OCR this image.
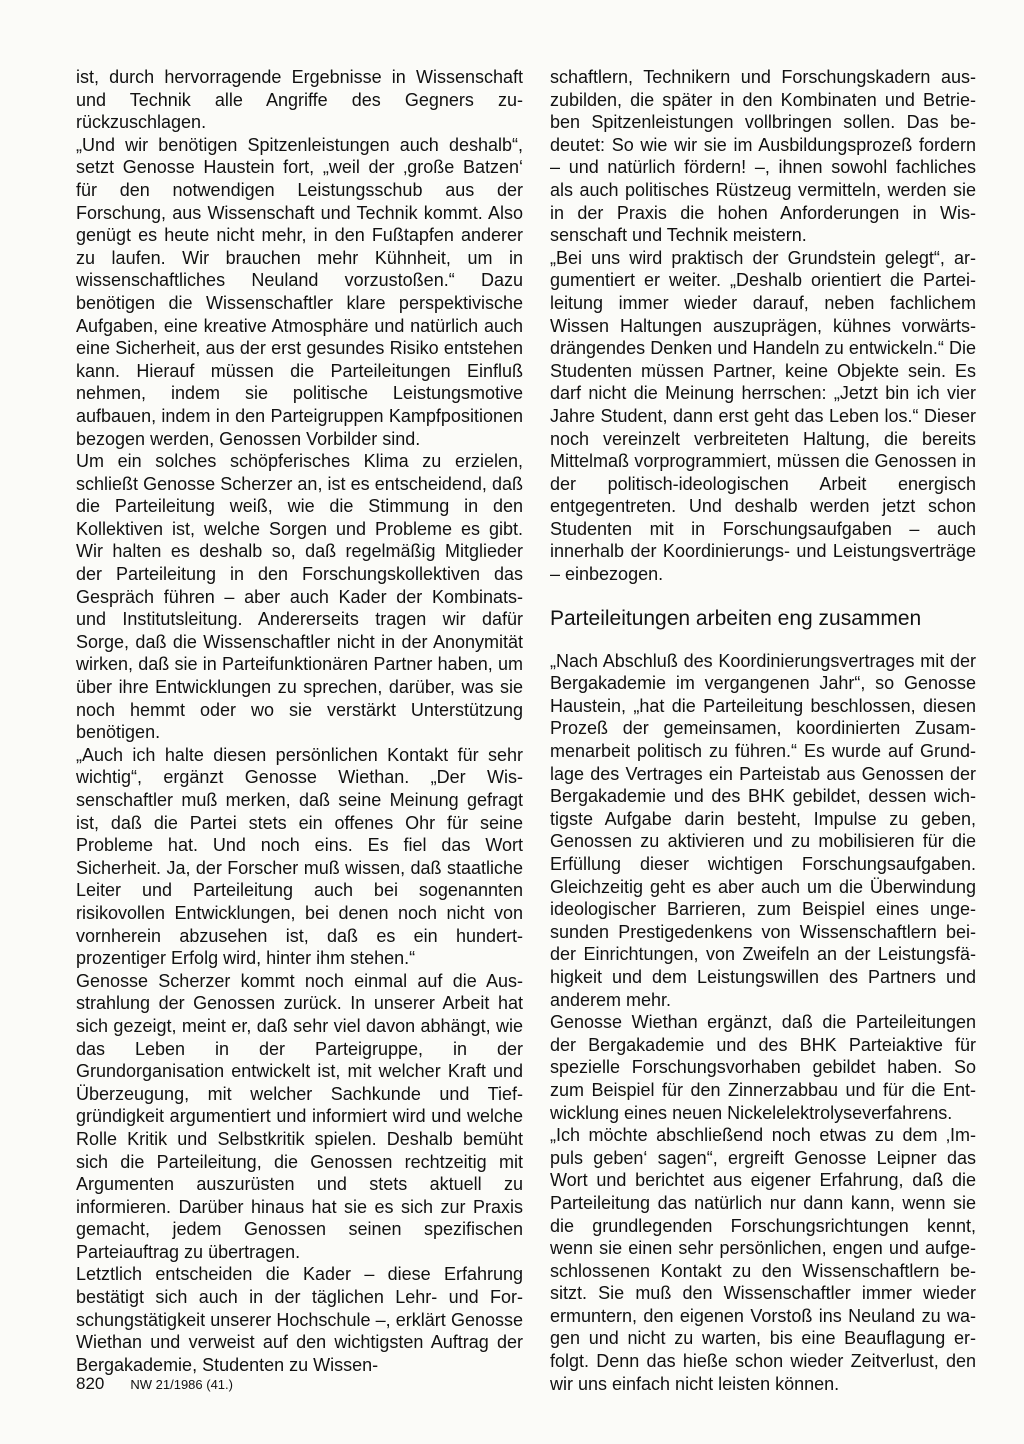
ist, durch hervorragende Ergebnisse in Wissenschaft und Technik alle Angriffe des Gegners zurückzuschlagen.

„Und wir benötigen Spitzenleistungen auch deshalb“, setzt Genosse Haustein fort, „weil der ‚große Batzen‘ für den notwendigen Leistungsschub aus der Forschung, aus Wissenschaft und Technik kommt. Also genügt es heute nicht mehr, in den Fußtapfen anderer zu laufen. Wir brauchen mehr Kühnheit, um in wissenschaftliches Neuland vorzustoßen.“ Dazu benötigen die Wissenschaftler klare perspektivische Aufgaben, eine kreative Atmosphäre und natürlich auch eine Sicherheit, aus der erst gesundes Risiko entstehen kann. Hierauf müssen die Parteileitungen Einfluß nehmen, indem sie politische Leistungsmotive aufbauen, indem in den Parteigruppen Kampfpositionen bezogen werden, Genossen Vorbilder sind.

Um ein solches schöpferisches Klima zu erzielen, schließt Genosse Scherzer an, ist es entscheidend, daß die Parteileitung weiß, wie die Stimmung in den Kollektiven ist, welche Sorgen und Probleme es gibt. Wir halten es deshalb so, daß regelmäßig Mitglieder der Parteileitung in den Forschungskollektiven das Gespräch führen – aber auch Kader der Kombinats- und Institutsleitung. Andererseits tragen wir dafür Sorge, daß die Wissenschaftler nicht in der Anonymität wirken, daß sie in Parteifunktionären Partner haben, um über ihre Entwicklungen zu sprechen, darüber, was sie noch hemmt oder wo sie verstärkt Unterstützung benötigen.

„Auch ich halte diesen persönlichen Kontakt für sehr wichtig“, ergänzt Genosse Wiethan. „Der Wissenschaftler muß merken, daß seine Meinung gefragt ist, daß die Partei stets ein offenes Ohr für seine Probleme hat. Und noch eins. Es fiel das Wort Sicherheit. Ja, der Forscher muß wissen, daß staatliche Leiter und Parteileitung auch bei sogenannten risikovollen Entwicklungen, bei denen noch nicht von vornherein abzusehen ist, daß es ein hundertprozentiger Erfolg wird, hinter ihm stehen.“

Genosse Scherzer kommt noch einmal auf die Ausstrahlung der Genossen zurück. In unserer Arbeit hat sich gezeigt, meint er, daß sehr viel davon abhängt, wie das Leben in der Parteigruppe, in der Grundorganisation entwickelt ist, mit welcher Kraft und Überzeugung, mit welcher Sachkunde und Tiefgründigkeit argumentiert und informiert wird und welche Rolle Kritik und Selbstkritik spielen. Deshalb bemüht sich die Parteileitung, die Genossen rechtzeitig mit Argumenten auszurüsten und stets aktuell zu informieren. Darüber hinaus hat sie es sich zur Praxis gemacht, jedem Genossen seinen spezifischen Parteiauftrag zu übertragen.

Letztlich entscheiden die Kader – diese Erfahrung bestätigt sich auch in der täglichen Lehr- und Forschungstätigkeit unserer Hochschule –, erklärt Genosse Wiethan und verweist auf den wichtigsten Auftrag der Bergakademie, Studenten zu Wissen-

schaftlern, Technikern und Forschungskadern auszubilden, die später in den Kombinaten und Betrieben Spitzenleistungen vollbringen sollen. Das bedeutet: So wie wir sie im Ausbildungsprozeß fordern – und natürlich fördern! –, ihnen sowohl fachliches als auch politisches Rüstzeug vermitteln, werden sie in der Praxis die hohen Anforderungen in Wissenschaft und Technik meistern.

„Bei uns wird praktisch der Grundstein gelegt“, argumentiert er weiter. „Deshalb orientiert die Parteileitung immer wieder darauf, neben fachlichem Wissen Haltungen auszuprägen, kühnes vorwärtsdrängendes Denken und Handeln zu entwickeln.“ Die Studenten müssen Partner, keine Objekte sein. Es darf nicht die Meinung herrschen: „Jetzt bin ich vier Jahre Student, dann erst geht das Leben los.“ Dieser noch vereinzelt verbreiteten Haltung, die bereits Mittelmaß vorprogrammiert, müssen die Genossen in der politisch-ideologischen Arbeit energisch entgegentreten. Und deshalb werden jetzt schon Studenten mit in Forschungsaufgaben – auch innerhalb der Koordinierungs- und Leistungsverträge – einbezogen.

Parteileitungen arbeiten eng zusammen

„Nach Abschluß des Koordinierungsvertrages mit der Bergakademie im vergangenen Jahr“, so Genosse Haustein, „hat die Parteileitung beschlossen, diesen Prozeß der gemeinsamen, koordinierten Zusammenarbeit politisch zu führen.“ Es wurde auf Grundlage des Vertrages ein Parteistab aus Genossen der Bergakademie und des BHK gebildet, dessen wichtigste Aufgabe darin besteht, Impulse zu geben, Genossen zu aktivieren und zu mobilisieren für die Erfüllung dieser wichtigen Forschungsaufgaben. Gleichzeitig geht es aber auch um die Überwindung ideologischer Barrieren, zum Beispiel eines ungesunden Prestigedenkens von Wissenschaftlern beider Einrichtungen, von Zweifeln an der Leistungsfähigkeit und dem Leistungswillen des Partners und anderem mehr.

Genosse Wiethan ergänzt, daß die Parteileitungen der Bergakademie und des BHK Parteiaktive für spezielle Forschungsvorhaben gebildet haben. So zum Beispiel für den Zinnerzabbau und für die Entwicklung eines neuen Nickelelektrolyseverfahrens.

„Ich möchte abschließend noch etwas zu dem ‚Impuls geben‘ sagen“, ergreift Genosse Leipner das Wort und berichtet aus eigener Erfahrung, daß die Parteileitung das natürlich nur dann kann, wenn sie die grundlegenden Forschungsrichtungen kennt, wenn sie einen sehr persönlichen, engen und aufgeschlossenen Kontakt zu den Wissenschaftlern besitzt. Sie muß den Wissenschaftler immer wieder ermuntern, den eigenen Vorstoß ins Neuland zu wagen und nicht zu warten, bis eine Beauflagung erfolgt. Denn das hieße schon wieder Zeitverlust, den wir uns einfach nicht leisten können.

820 NW 21/1986 (41.)
